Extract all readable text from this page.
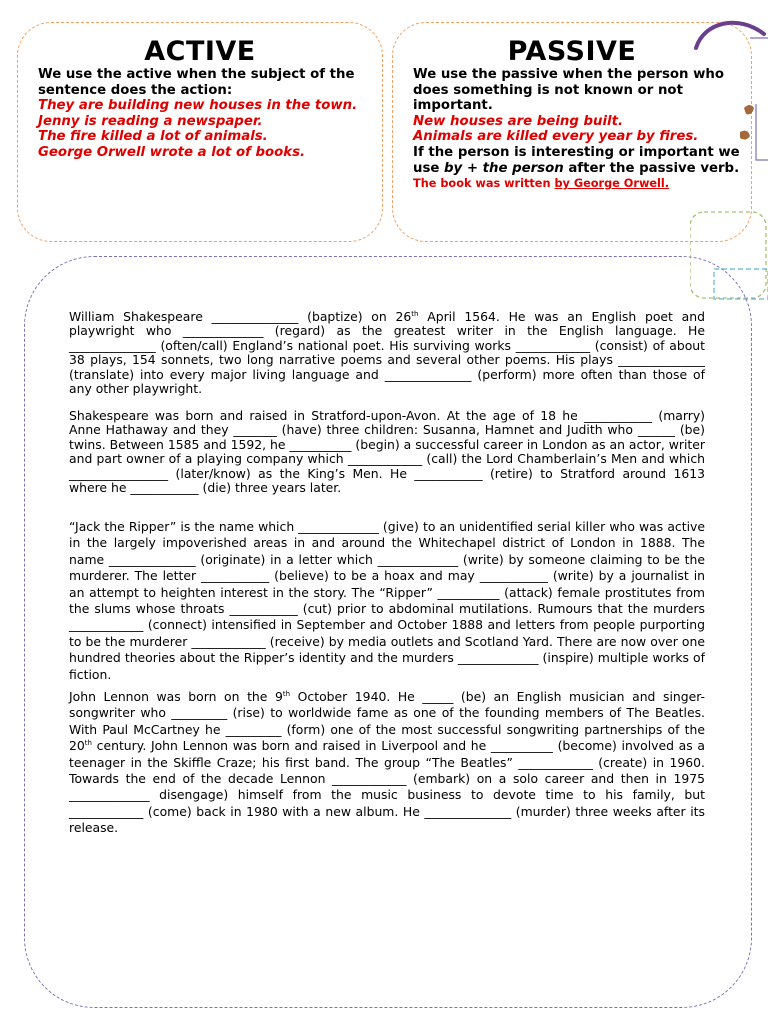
ACTIVE
We use the active when the subject of the sentence does the action:
They are building new houses in the town.
Jenny is reading a newspaper.
The fire killed a lot of animals.
George Orwell wrote a lot of books.
PASSIVE
We use the passive when the person who does something is not known or not important.
New houses are being built.
Animals are killed every year by fires.
If the person is interesting or important we use by + the person after the passive verb.
The book was written by George Orwell.

William Shakespeare ______________ (baptize) on 26th April 1564. He was an English poet and playwright who _____________ (regard) as the greatest writer in the English language. He ______________ (often/call) England’s national poet. His surviving works ____________ (consist) of about 38 plays, 154 sonnets, two long narrative poems and several other poems. His plays ______________ (translate) into every major living language and ______________ (perform) more often than those of any other playwright.

Shakespeare was born and raised in Stratford-upon-Avon. At the age of 18 he ___________ (marry) Anne Hathaway and they _______ (have) three children: Susanna, Hamnet and Judith who ______ (be) twins. Between 1585 and 1592, he __________ (begin) a successful career in London as an actor, writer and part owner of a playing company which ____________ (call) the Lord Chamberlain’s Men and which ________________ (later/know) as the King’s Men. He ___________ (retire) to Stratford around 1613 where he ___________ (die) three years later.

“Jack the Ripper” is the name which _____________ (give) to an unidentified serial killer who was active in the largely impoverished areas in and around the Whitechapel district of London in 1888. The name ______________ (originate) in a letter which _____________ (write) by someone claiming to be the murderer. The letter ___________ (believe) to be a hoax and may ___________ (write) by a journalist in an attempt to heighten interest in the story. The “Ripper” __________ (attack) female prostitutes from the slums whose throats ___________ (cut) prior to abdominal mutilations. Rumours that the murders ____________ (connect) intensified in September and October 1888 and letters from people purporting to be the murderer ____________ (receive) by media outlets and Scotland Yard. There are now over one hundred theories about the Ripper’s identity and the murders _____________ (inspire) multiple works of fiction.

John Lennon was born on the 9th October 1940. He _____ (be) an English musician and singer-songwriter who _________ (rise) to worldwide fame as one of the founding members of The Beatles. With Paul McCartney he _________ (form) one of the most successful songwriting partnerships of the 20th century. John Lennon was born and raised in Liverpool and he __________ (become) involved as a teenager in the Skiffle Craze; his first band. The group “The Beatles” ____________ (create) in 1960. Towards the end of the decade Lennon ____________ (embark) on a solo career and then in 1975 _____________ disengage) himself from the music business to devote time to his family, but ____________ (come) back in 1980 with a new album. He ______________ (murder) three weeks after its release.
